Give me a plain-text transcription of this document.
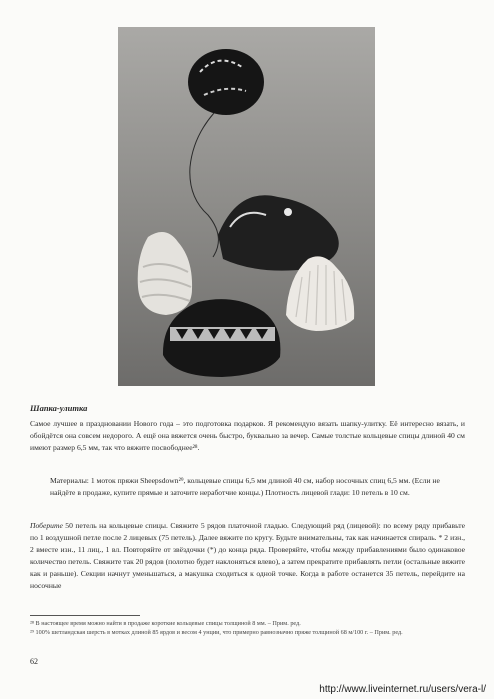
Шапка-улитка
Самое лучшее в праздновании Нового года – это подготовка подарков. Я рекомендую вязать шапку-улитку. Её интересно вязать, и обойдётся она совсем недорого. А ещё она вяжется очень быстро, буквально за вечер. Самые толстые кольцевые спицы длиной 40 см имеют размер 6,5 мм, так что вяжите посвободнее²⁸.
Материалы: 1 моток пряжи Sheepsdown²⁹, кольцевые спицы 6,5 мм длиной 40 см, набор носочных спиц 6,5 мм. (Если не найдёте в продаже, купите прямые и заточите неработчие концы.) Плотность лицевой глади: 10 петель в 10 см.
Поберите 50 петель на кольцевые спицы. Свяжите 5 рядов платочной гладью. Следующий ряд (лицевой): по всему ряду прибавьте по 1 воздушной петле после 2 лицевых (75 петель). Далее вяжите по кругу. Будьте внимательны, так как начинается спираль. * 2 изн., 2 вместе изн., 11 лиц., 1 вл. Повторяйте от звёздочки (*) до конца ряда. Проверяйте, чтобы между прибавлениями было одинаковое количество петель. Свяжите так 20 рядов (полотно будет наклоняться влево), а затем прекратите прибавлять петли (остальные вяжите как и раньше). Секции начнут уменьшаться, а макушка сходиться к одной точке. Когда в работе останется 35 петель, перейдите на носочные
²⁸ В настоящее время можно найти в продаже короткие кольцевые спицы толщиной 8 мм. – Прим. ред.
²⁹ 100% шетландская шерсть в мотках длиной 85 ярдов и весом 4 унции, что примерно равнозначно пряже толщиной 68 м/100 г. – Прим. ред.
62
http://www.liveinternet.ru/users/vera-l/
